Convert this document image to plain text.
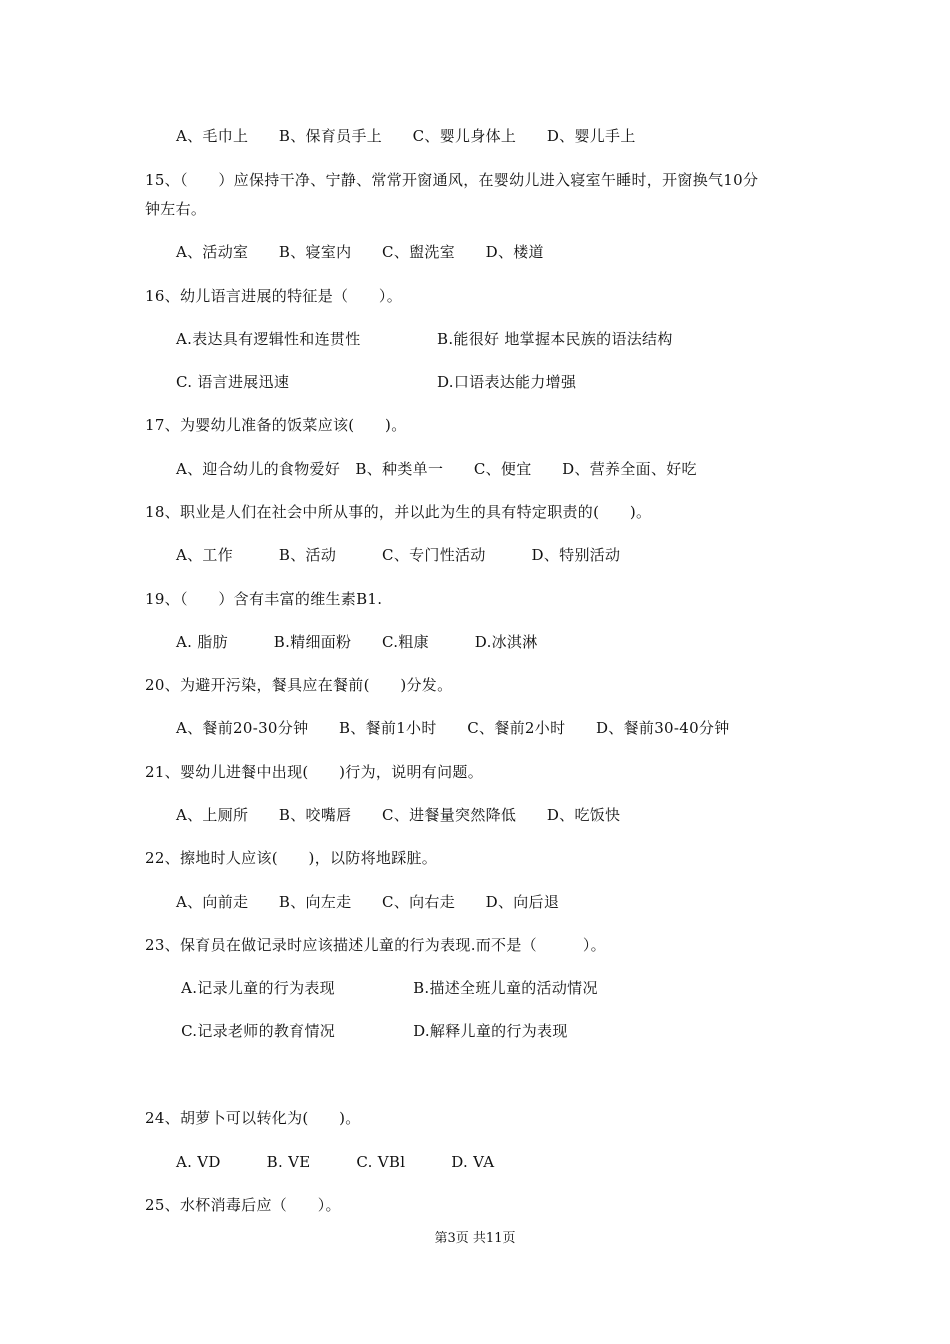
A、毛巾上　　B、保育员手上　　C、婴儿身体上　　D、婴儿手上
15、（　　）应保持干净、宁静、常常开窗通风，在婴幼儿进入寝室午睡时，开窗换气10分
钟左右。
A、活动室　　B、寝室内　　C、盥洗室　　D、楼道
16、幼儿语言进展的特征是（　　）。
A.表达具有逻辑性和连贯性	B.能很好 地掌握本民族的语法结构
C. 语言进展迅速	D.口语表达能力增强
17、为婴幼儿准备的饭菜应该(　　)。
A、迎合幼儿的食物爱好　B、种类单一　　C、便宜　　D、营养全面、好吃
18、职业是人们在社会中所从事的，并以此为生的具有特定职责的(　　)。
A、工作　　　B、活动　　　C、专门性活动　　　D、特别活动
19、（　　）含有丰富的维生素B1.
A. 脂肪　　　B.精细面粉　　C.粗康　　　D.冰淇淋
20、为避开污染，餐具应在餐前(　　)分发。
A、餐前20-30分钟　　B、餐前1小时　　C、餐前2小时　　D、餐前30-40分钟
21、婴幼儿进餐中出现(　　)行为，说明有问题。
A、上厕所　　B、咬嘴唇　　C、进餐量突然降低　　D、吃饭快
22、擦地时人应该(　　)，以防将地踩脏。
A、向前走　　B、向左走　　C、向右走　　D、向后退
23、保育员在做记录时应该描述儿童的行为表现.而不是（　　　）。
A.记录儿童的行为表现	B.描述全班儿童的活动情况
C.记录老师的教育情况	D.解释儿童的行为表现
24、胡萝卜可以转化为(　　)。
A. VD　　　B. VE　　　C. VBl　　　D. VA
25、水杯消毒后应（　　）。
第3页 共11页
